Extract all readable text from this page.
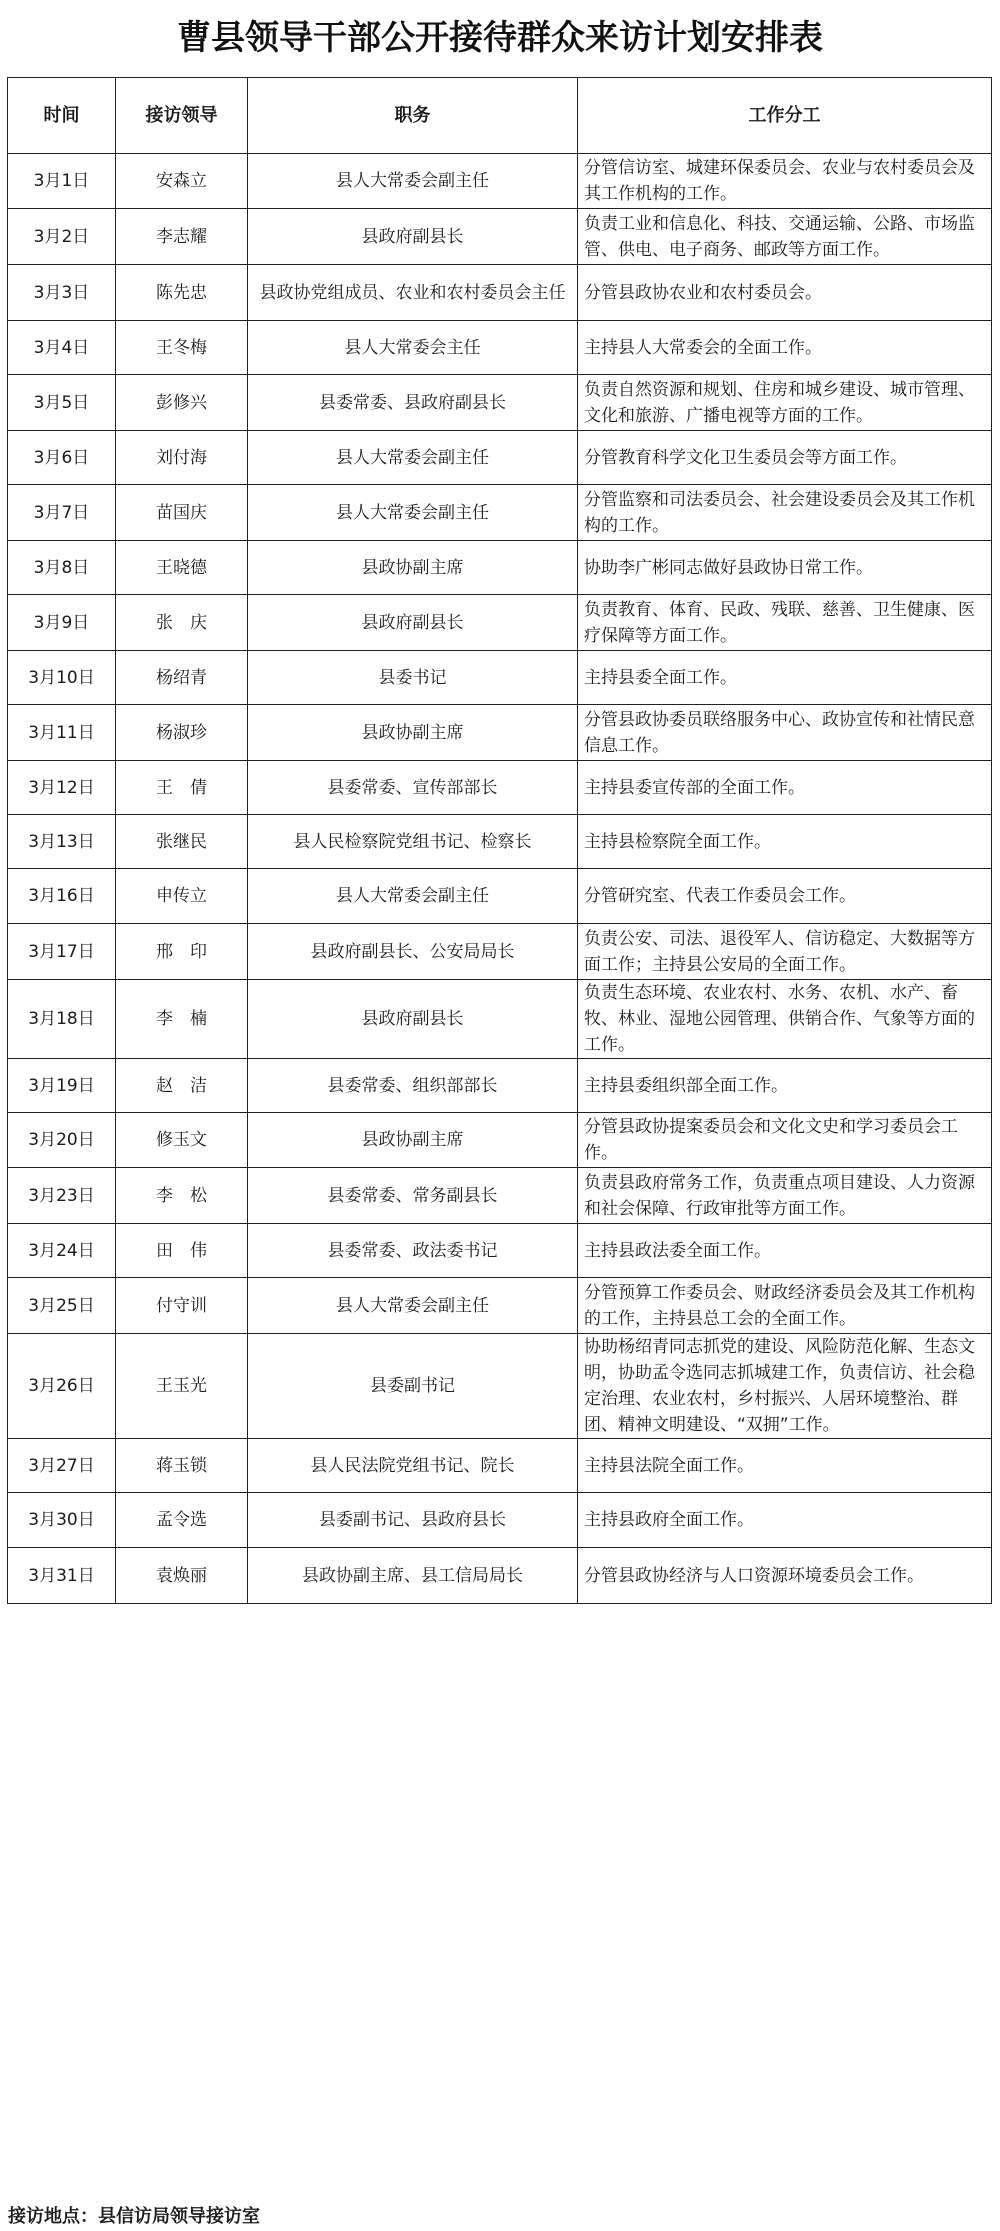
曹县领导干部公开接待群众来访计划安排表
时间	接访领导	职务	工作分工
3月1日	安森立	县人大常委会副主任	分管信访室、城建环保委员会、农业与农村委员会及其工作机构的工作。
3月2日	李志耀	县政府副县长	负责工业和信息化、科技、交通运输、公路、市场监管、供电、电子商务、邮政等方面工作。
3月3日	陈先忠	县政协党组成员、农业和农村委员会主任	分管县政协农业和农村委员会。
3月4日	王冬梅	县人大常委会主任	主持县人大常委会的全面工作。
3月5日	彭修兴	县委常委、县政府副县长	负责自然资源和规划、住房和城乡建设、城市管理、文化和旅游、广播电视等方面的工作。
3月6日	刘付海	县人大常委会副主任	分管教育科学文化卫生委员会等方面工作。
3月7日	苗国庆	县人大常委会副主任	分管监察和司法委员会、社会建设委员会及其工作机构的工作。
3月8日	王晓德	县政协副主席	协助李广彬同志做好县政协日常工作。
3月9日	张　庆	县政府副县长	负责教育、体育、民政、残联、慈善、卫生健康、医疗保障等方面工作。
3月10日	杨绍青	县委书记	主持县委全面工作。
3月11日	杨淑珍	县政协副主席	分管县政协委员联络服务中心、政协宣传和社情民意信息工作。
3月12日	王　倩	县委常委、宣传部部长	主持县委宣传部的全面工作。
3月13日	张继民	县人民检察院党组书记、检察长	主持县检察院全面工作。
3月16日	申传立	县人大常委会副主任	分管研究室、代表工作委员会工作。
3月17日	邢　印	县政府副县长、公安局局长	负责公安、司法、退役军人、信访稳定、大数据等方面工作；主持县公安局的全面工作。
3月18日	李　楠	县政府副县长	负责生态环境、农业农村、水务、农机、水产、畜牧、林业、湿地公园管理、供销合作、气象等方面的工作。
3月19日	赵　洁	县委常委、组织部部长	主持县委组织部全面工作。
3月20日	修玉文	县政协副主席	分管县政协提案委员会和文化文史和学习委员会工作。
3月23日	李　松	县委常委、常务副县长	负责县政府常务工作，负责重点项目建设、人力资源和社会保障、行政审批等方面工作。
3月24日	田　伟	县委常委、政法委书记	主持县政法委全面工作。
3月25日	付守训	县人大常委会副主任	分管预算工作委员会、财政经济委员会及其工作机构的工作，主持县总工会的全面工作。
3月26日	王玉光	县委副书记	协助杨绍青同志抓党的建设、风险防范化解、生态文明，协助孟令选同志抓城建工作，负责信访、社会稳定治理、农业农村，乡村振兴、人居环境整治、群团、精神文明建设、“双拥”工作。
3月27日	蒋玉锁	县人民法院党组书记、院长	主持县法院全面工作。
3月30日	孟令选	县委副书记、县政府县长	主持县政府全面工作。
3月31日	袁焕丽	县政协副主席、县工信局局长	分管县政协经济与人口资源环境委员会工作。
接访地点：县信访局领导接访室
